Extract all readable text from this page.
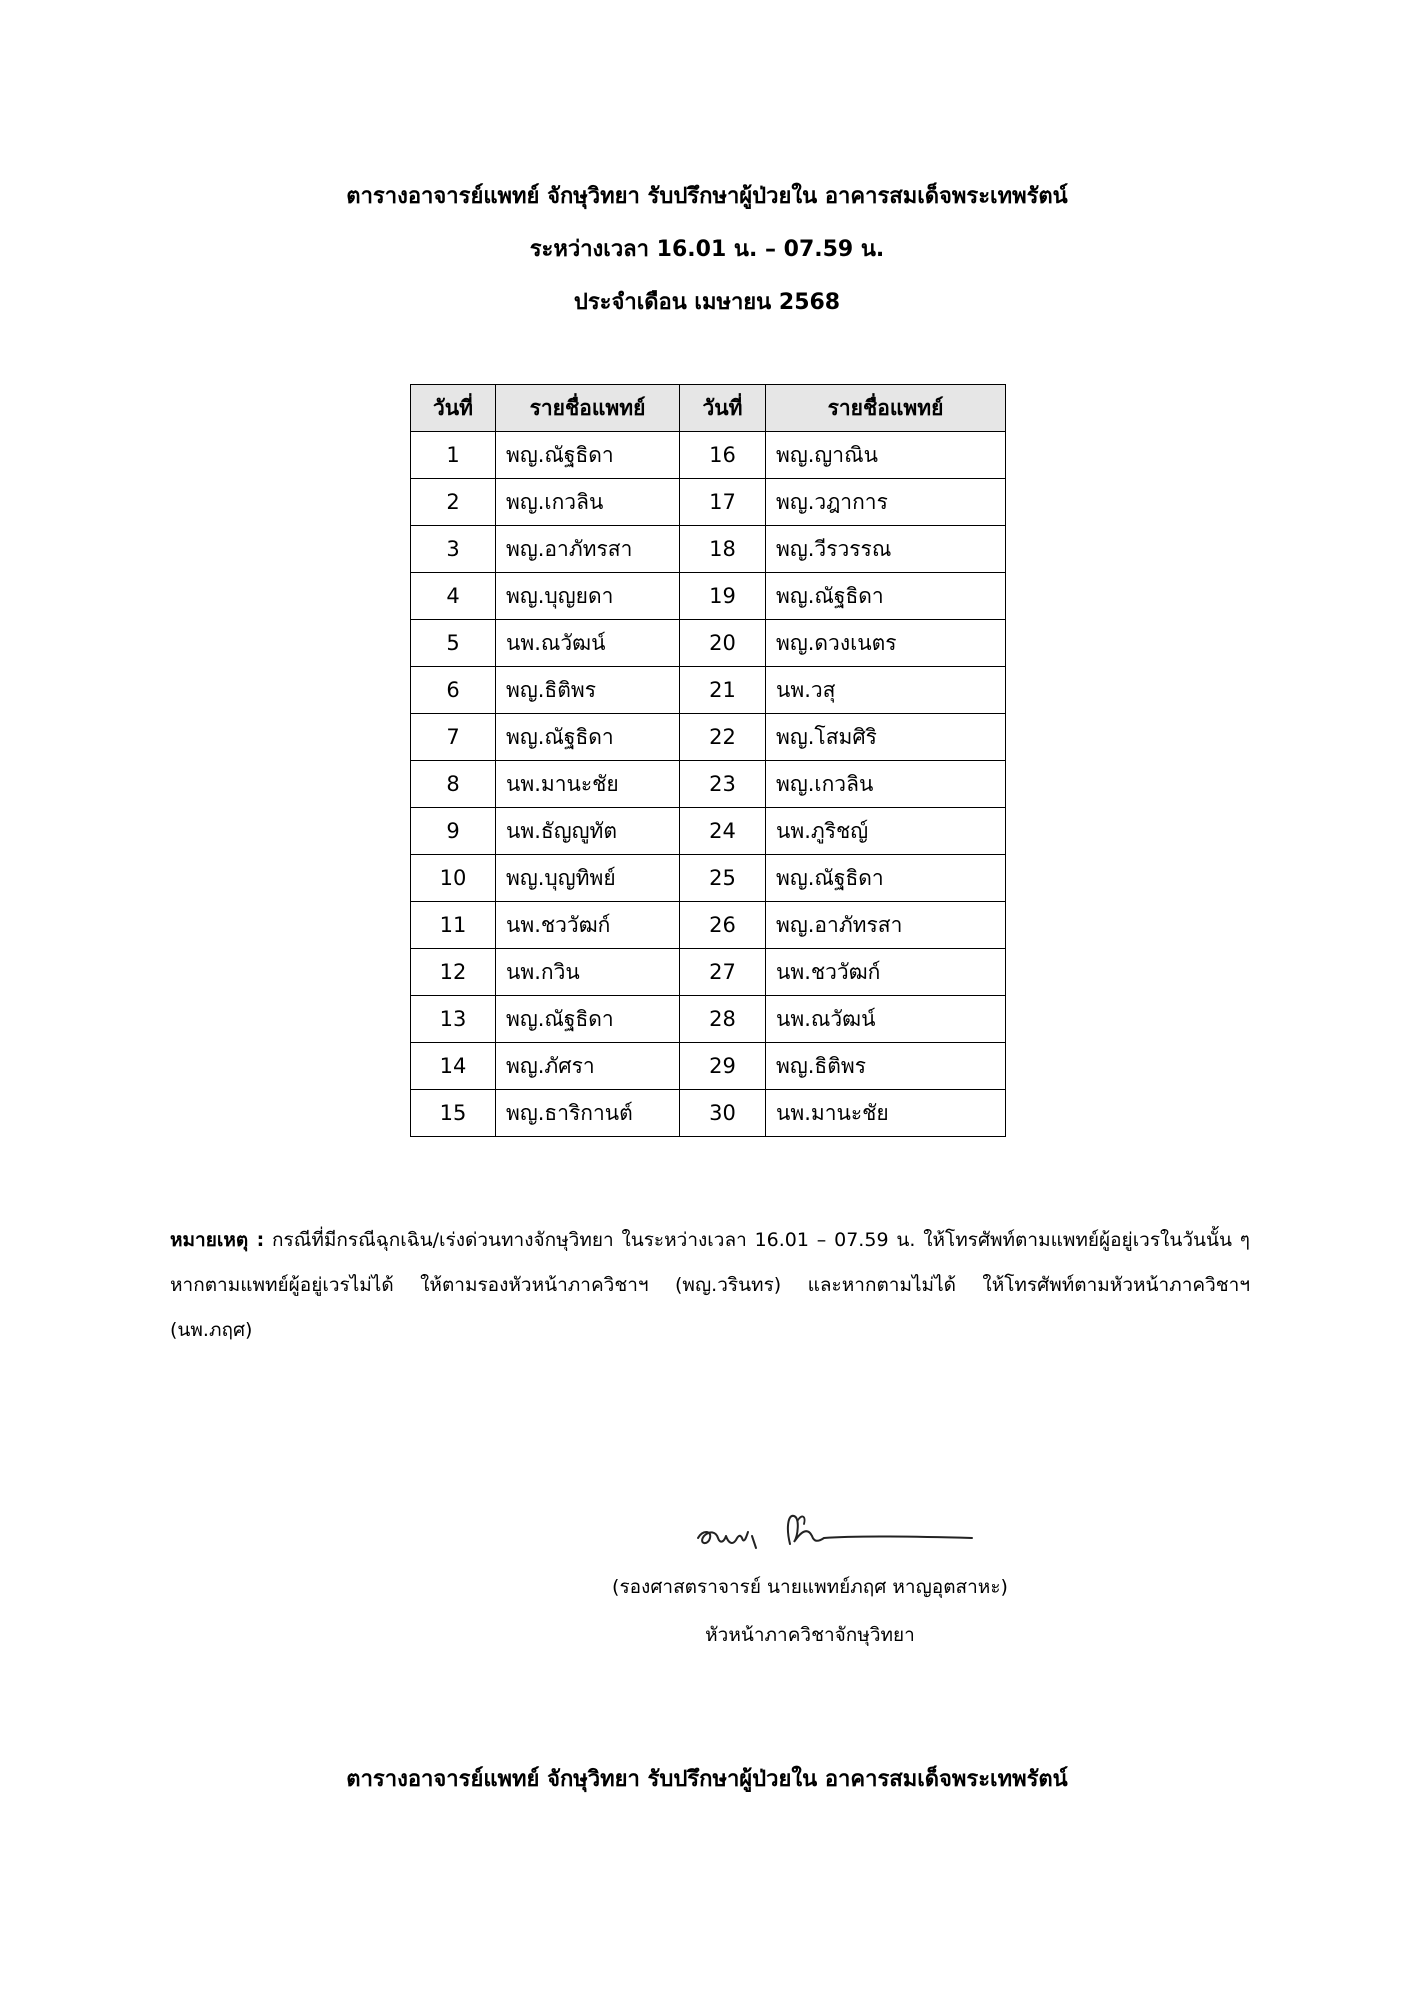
ตารางอาจารย์แพทย์ จักษุวิทยา รับปรึกษาผู้ป่วยใน อาคารสมเด็จพระเทพรัตน์
ระหว่างเวลา 16.01 น. – 07.59 น.
ประจำเดือน เมษายน 2568
วันที่	รายชื่อแพทย์	วันที่	รายชื่อแพทย์
1	พญ.ณัฐธิดา	16	พญ.ญาณิน
2	พญ.เกวลิน	17	พญ.วฎาการ
3	พญ.อาภัทรสา	18	พญ.วีรวรรณ
4	พญ.บุญยดา	19	พญ.ณัฐธิดา
5	นพ.ณวัฒน์	20	พญ.ดวงเนตร
6	พญ.ธิติพร	21	นพ.วสุ
7	พญ.ณัฐธิดา	22	พญ.โสมศิริ
8	นพ.มานะชัย	23	พญ.เกวลิน
9	นพ.ธัญญูทัต	24	นพ.ภูริชญ์
10	พญ.บุญทิพย์	25	พญ.ณัฐธิดา
11	นพ.ชววัฒก์	26	พญ.อาภัทรสา
12	นพ.กวิน	27	นพ.ชววัฒก์
13	พญ.ณัฐธิดา	28	นพ.ณวัฒน์
14	พญ.ภัศรา	29	พญ.ธิติพร
15	พญ.ธาริกานต์	30	นพ.มานะชัย

หมายเหตุ : กรณีที่มีกรณีฉุกเฉิน/เร่งด่วนทางจักษุวิทยา ในระหว่างเวลา 16.01 – 07.59 น. ให้โทรศัพท์ตามแพทย์ผู้อยู่เวรในวันนั้น ๆ หากตามแพทย์ผู้อยู่เวรไม่ได้ ให้ตามรองหัวหน้าภาควิชาฯ (พญ.วรินทร) และหากตามไม่ได้ ให้โทรศัพท์ตามหัวหน้าภาควิชาฯ (นพ.ภฤศ)

(รองศาสตราจารย์ นายแพทย์ภฤศ หาญอุตสาหะ)
หัวหน้าภาควิชาจักษุวิทยา
ตารางอาจารย์แพทย์ จักษุวิทยา รับปรึกษาผู้ป่วยใน อาคารสมเด็จพระเทพรัตน์
